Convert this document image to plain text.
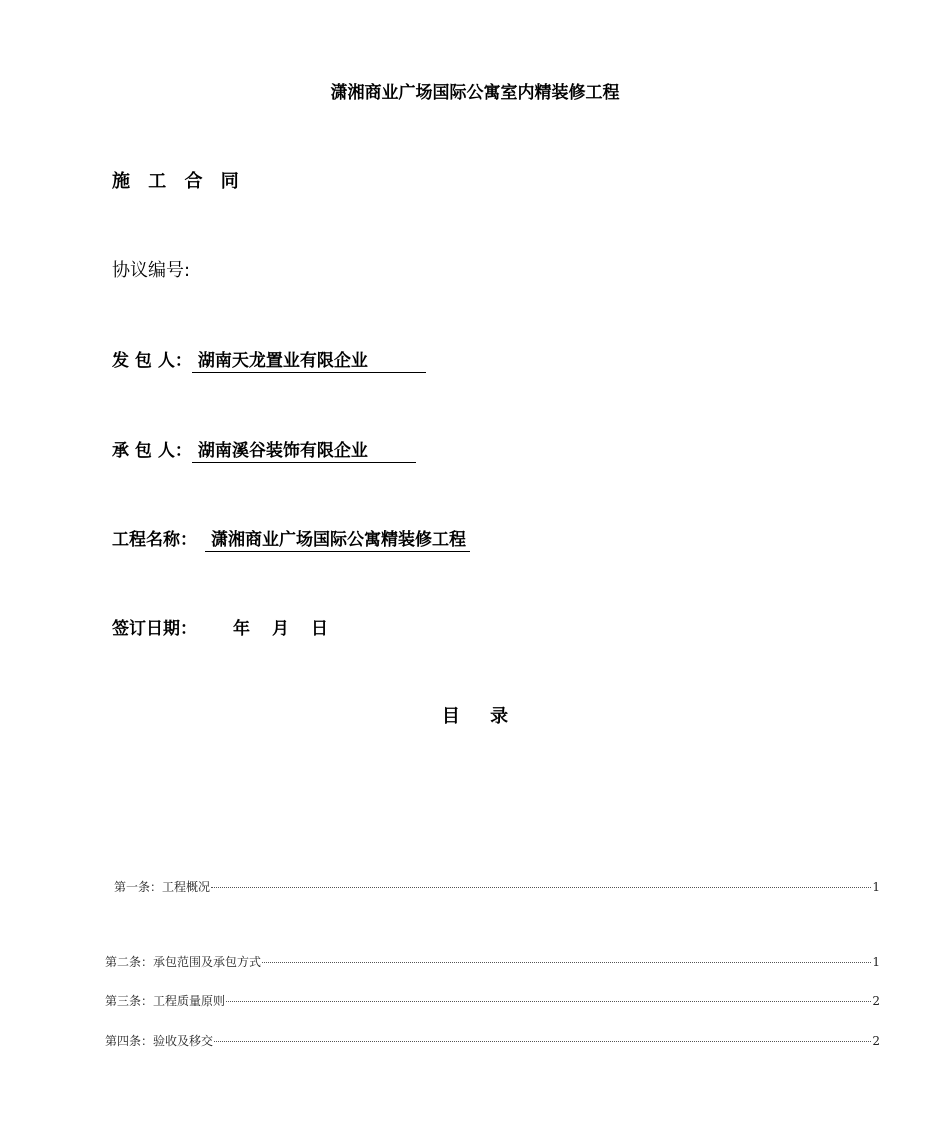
潇湘商业广场国际公寓室内精装修工程
施 工 合 同
协议编号:
发 包 人： 湖南天龙置业有限企业
承 包 人： 湖南溪谷装饰有限企业
工程名称： 潇湘商业广场国际公寓精装修工程
签订日期： 年 月 日
目 录
第一条：工程概况	1
第二条：承包范围及承包方式	1
第三条：工程质量原则	2
第四条：验收及移交	2
